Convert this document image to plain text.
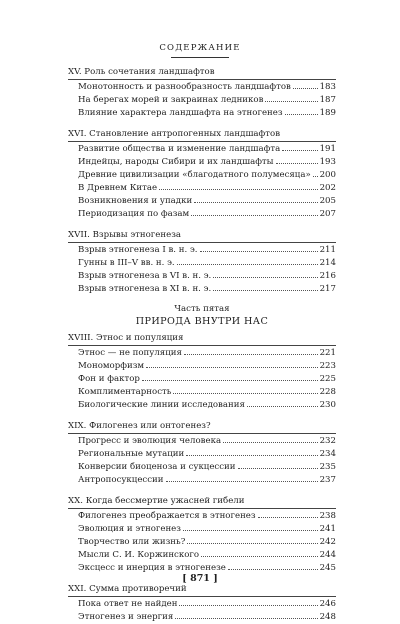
СОДЕРЖАНИЕ
XV. Роль сочетания ландшафтов
Монотонность и разнообразность ландшафтов	183
На берегах морей и закраинах ледников	187
Влияние характера ландшафта на этногенез	189
XVI. Становление антропогенных ландшафтов
Развитие общества и изменение ландшафта	191
Индейцы, народы Сибири и их ландшафты	193
Древние цивилизации «благодатного полумесяца» 200
В Древнем Китае	202
Возникновения и упадки	205
Периодизация по фазам	207
XVII. Взрывы этногенеза
Взрыв этногенеза I в. н. э.	211
Гунны в III–V вв. н. э.	214
Взрыв этногенеза в VI в. н. э.	216
Взрыв этногенеза в XI в. н. э.	217
Часть пятая
ПРИРОДА ВНУТРИ НАС
XVIII. Этнос и популяция
Этнос — не популяция	221
Мономорфизм	223
Фон и фактор	225
Комплиментарность	228
Биологические линии исследования	230
XIX. Филогенез или онтогенез?
Прогресс и эволюция человека	232
Региональные мутации	234
Конверсии биоценоза и сукцессии	235
Антропосукцессии	237
XX. Когда бессмертие ужасней гибели
Филогенез преображается в этногенез	238
Эволюция и этногенез	241
Творчество или жизнь?	242
Мысли С. И. Коржинского	244
Эксцесс и инерция в этногенезе	245
XXI. Сумма противоречий
Пока ответ не найден	246
Этногенез и энергия	248
[ 871 ]
